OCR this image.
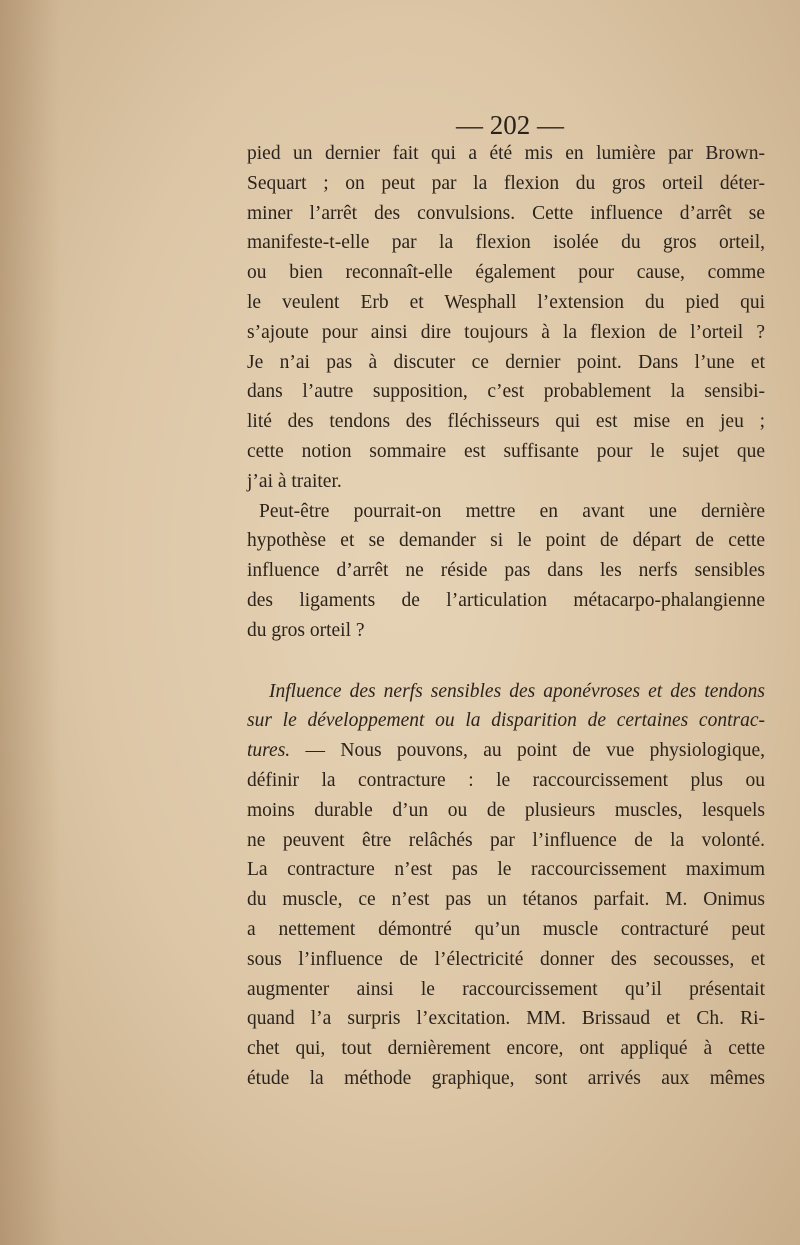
— 202 —
pied un dernier fait qui a été mis en lumière par Brown-
Sequart ; on peut par la flexion du gros orteil déter-
miner l’arrêt des convulsions. Cette influence d’arrêt se
manifeste-t-elle par la flexion isolée du gros orteil,
ou bien reconnaît-elle également pour cause, comme
le veulent Erb et Wesphall l’extension du pied qui
s’ajoute pour ainsi dire toujours à la flexion de l’orteil ?
Je n’ai pas à discuter ce dernier point. Dans l’une et
dans l’autre supposition, c’est probablement la sensibi-
lité des tendons des fléchisseurs qui est mise en jeu ;
cette notion sommaire est suffisante pour le sujet que
j’ai à traiter.
Peut-être pourrait-on mettre en avant une dernière
hypothèse et se demander si le point de départ de cette
influence d’arrêt ne réside pas dans les nerfs sensibles
des ligaments de l’articulation métacarpo-phalangienne
du gros orteil ?
Influence des nerfs sensibles des aponévroses et des tendons
sur le développement ou la disparition de certaines contrac-
tures. — Nous pouvons, au point de vue physiologique,
définir la contracture : le raccourcissement plus ou
moins durable d’un ou de plusieurs muscles, lesquels
ne peuvent être relâchés par l’influence de la volonté.
La contracture n’est pas le raccourcissement maximum
du muscle, ce n’est pas un tétanos parfait. M. Onimus
a nettement démontré qu’un muscle contracturé peut
sous l’influence de l’électricité donner des secousses, et
augmenter ainsi le raccourcissement qu’il présentait
quand l’a surpris l’excitation. MM. Brissaud et Ch. Ri-
chet qui, tout dernièrement encore, ont appliqué à cette
étude la méthode graphique, sont arrivés aux mêmes
